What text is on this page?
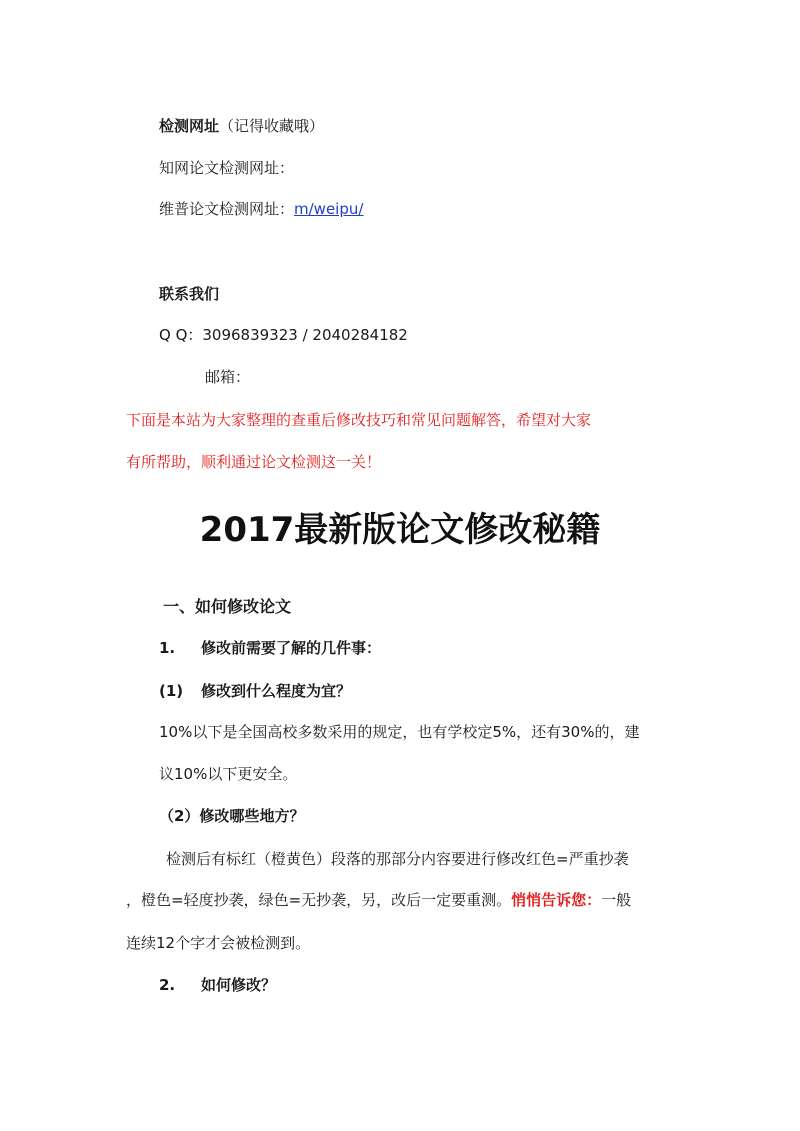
检测网址（记得收藏哦）
知网论文检测网址：
维普论文检测网址：m/weipu/
联系我们
Q Q：3096839323 / 2040284182
邮箱：
下面是本站为大家整理的查重后修改技巧和常见问题解答，希望对大家
有所帮助，顺利通过论文检测这一关！
2017最新版论文修改秘籍
一、如何修改论文
1. 修改前需要了解的几件事：
(1) 修改到什么程度为宜？
10%以下是全国高校多数采用的规定，也有学校定5%，还有30%的，建
议10%以下更安全。
（2）修改哪些地方？
检测后有标红（橙黄色）段落的那部分内容要进行修改红色=严重抄袭
，橙色=轻度抄袭，绿色=无抄袭，另，改后一定要重测。悄悄告诉您：一般
连续12个字才会被检测到。
2. 如何修改？
